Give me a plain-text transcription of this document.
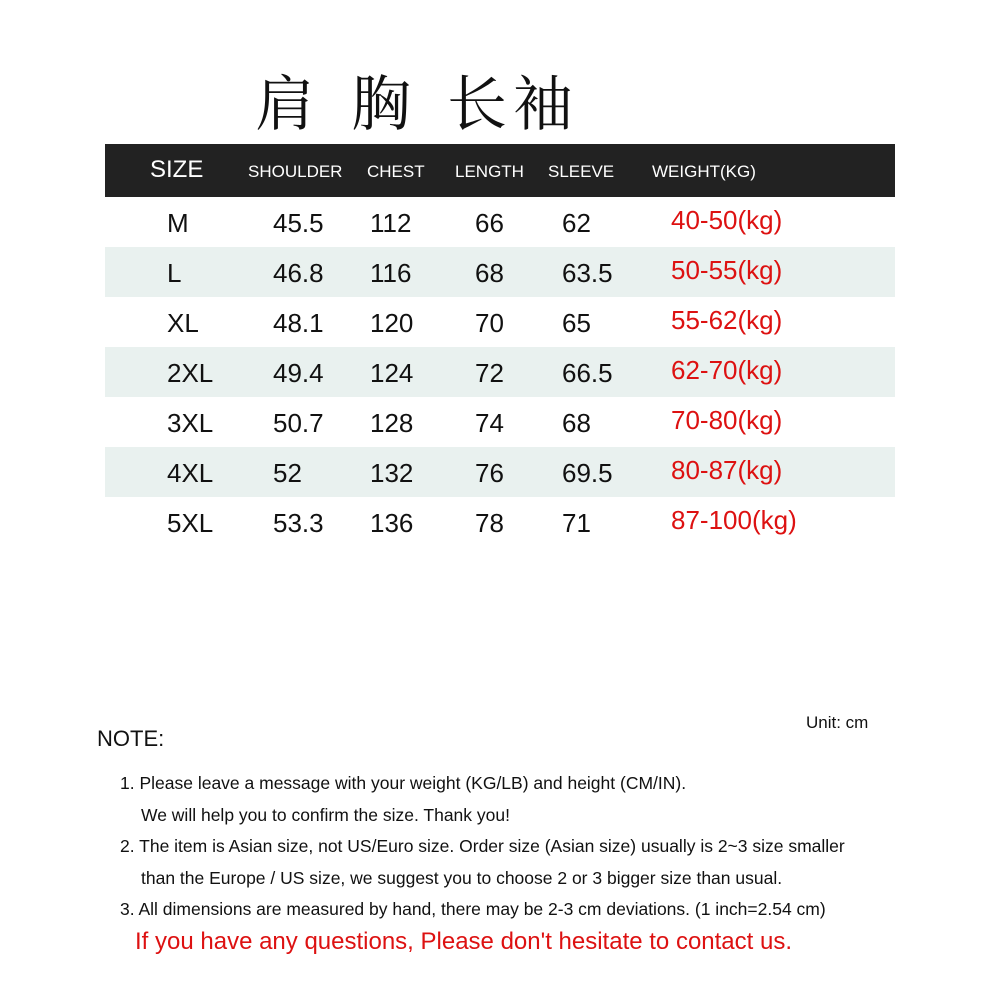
肩 胸 长袖
SIZE	SHOULDER CHEST LENGTH SLEEVE WEIGHT(KG)
M	45.5 112 66 62	40-50(kg)
L	46.8 116 68 63.5 50-55(kg)
XL	48.1 120 70 65	55-62(kg)
2XL 49.4 124 72 66.5 62-70(kg)
3XL 50.7 128 74 68	70-80(kg)
4XL 52	132 76 69.5 80-87(kg)
5XL 53.3 136 78 71	87-100(kg)
Unit: cm
NOTE:
1. Please leave a message with your weight (KG/LB) and height (CM/IN).
We will help you to confirm the size. Thank you!
2. The item is Asian size, not US/Euro size. Order size (Asian size) usually is 2~3 size smaller
than the Europe / US size, we suggest you to choose 2 or 3 bigger size than usual.
3. All dimensions are measured by hand, there may be 2-3 cm deviations. (1 inch=2.54 cm)
If you have any questions, Please don't hesitate to contact us.
